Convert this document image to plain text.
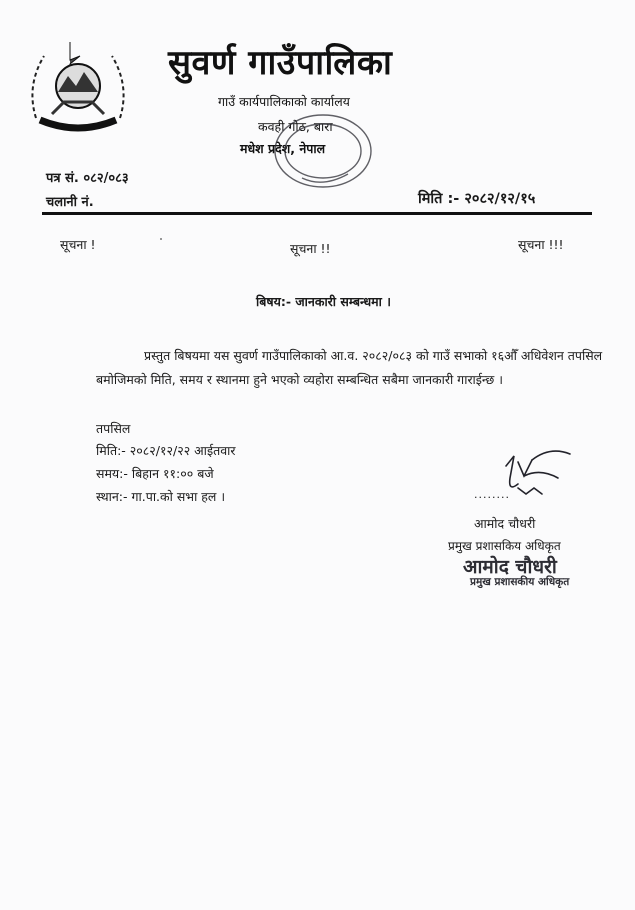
सुवर्ण गाउँपालिका
गाउँ कार्यपालिकाको कार्यालय
कवही गोठ, बारा
मधेश प्रदेश, नेपाल
पत्र सं. ०८२/०८३
चलानी नं.	मिति :- २०८२/१२/१५
सूचना !	सूचना !!	सूचना !!!
बिषय:- जानकारी सम्बन्धमा ।
प्रस्तुत बिषयमा यस सुवर्ण गाउँपालिकाको आ.व. २०८२/०८३ को गाउँ सभाको १६औँ अधिवेशन तपसिल बमोजिमको मिति, समय र स्थानमा हुने भएको व्यहोरा सम्बन्धित सबैमा जानकारी गाराईन्छ ।
तपसिल
मिति:- २०८२/१२/२२ आईतवार
समय:- बिहान ११:०० बजे
स्थान:- गा.पा.को सभा हल ।	........
आमोद चौधरी
प्रमुख प्रशासकिय अधिकृत
आमोद चौधरी
प्रमुख प्रशासकीय अधिकृत
